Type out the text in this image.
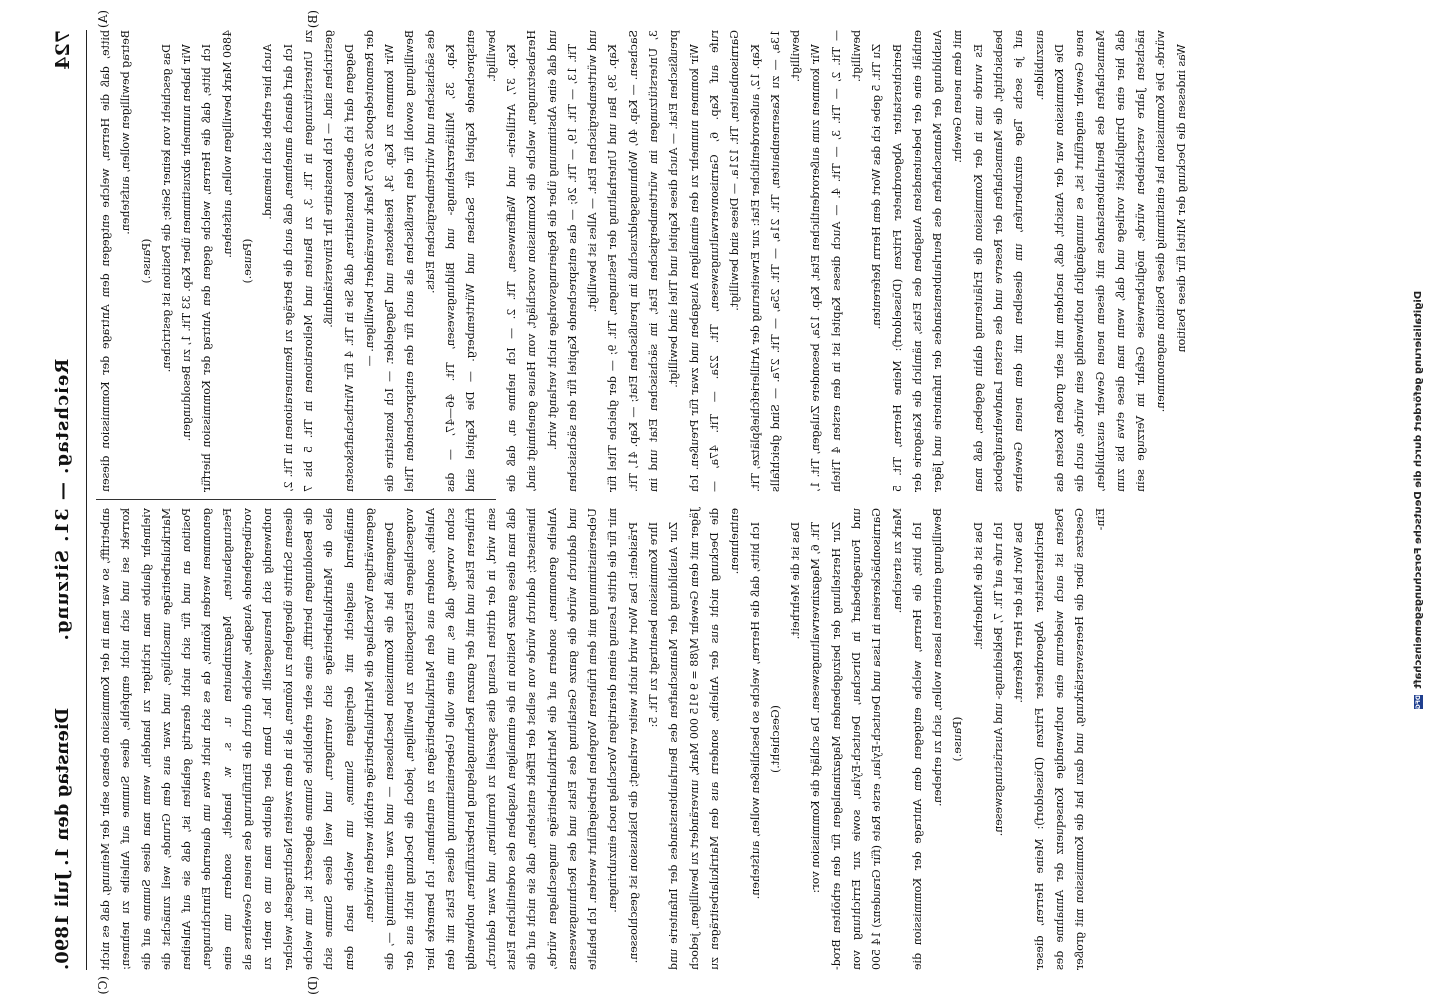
724
Reichstag. — 31. Sitzung.
Dienstag den 1. Juli 1890.
(A)	(B)
(C)	(D)

bitte, daß die Herren, welche entgegen dem Antrage der Kommission diesen Betrag bewilligen wollen, aufstehen.

(Pause.) Das geschieht von keiner Seite; die Position ist gestrichen. Wir haben nunmehr abzustimmen über Kap. 33 Tit. 1, zu Besoldungen. Ich bitte, daß die Herren, welche gegen den Antrag der Kommission hierfür 4860 Mark bewilligen wollen, aufstehen.

(Pause.)

Auch hier erhebt sich niemand. Ich darf danach annehmen, daß auch die Beträge zu Remunerationen in Tit. 2, zu Unterstützungen in Tit. 3, zu Bauten und Meliorationen in Tit. 5 bis 7 gestrichen sind. — Ich konstatire Ihr Einverständniß. Dagegen darf ich ebenso konstatiren, daß Sie in Tit. 4 für Wirthschaftskosten der Remontedepots 26 675 Mark unverändert bewilligen. — Wir kommen zu Kap. 34, Reisekosten und Tagegelder. — Ich konstatire die Bewilligung sowohl für den preußischen als auch für den entsprechenden Titel des sächsischen und württembergischen Etats. Kap. 35, Militärerziehungs- und Bildungswesen, Tit. 46—47, — das entsprechende Kapitel für Sachsen und Württemberg. — Die Kapitel sind bewilligt. Kap. 37, Artillerie- und Waffenwesen, Tit. 2. — Ich nehme an, daß die Herabsetzungen, welche die Kommission vorschlägt, vom Hause genehmigt sind, und daß eine Abstimmung über die Regierungsvorlage nicht verlangt wird. Tit. 13, — Tit. 19, — Tit. 26; — das entsprechende Kapitel für den sächsischen und württembergischen Etat. — Alles ist bewilligt. Kap. 39, Bau und Unterhaltung der Festungen, Tit. 9; — der gleiche Titel für Sachsen. — Kap. 40, Wohnungsgeldzuschuß im preußischen Etat; — Kap. 41, Tit. 3, Unterstützungen im württembergischen Etat, im sächsischen Etat und im preußischen Etat. — Auch diese Kapitel und Titel sind bewilligt. Wir kommen nunmehr zu den einmaligen Ausgaben und zwar für Preußen. Ich rufe auf Kap. 6, Garnisonverwaltungswesen, Tit. 22a. — Tit. 47a, — Garnisonbauten, Tit. 121a. — Diese sind bewilligt. Kap. 12, außerordentlicher Etat: zur Erweiterung der Artilleriefchießplätze, Tit. 13a, — zu Kasernenbauten, Tit. 21a, — Tit. 25a, — Tit. 27a. — Sind gleichfalls bewilligt. Wir kommen zum außerordentlichen Etat, Kap. 12a, besondere Zulagen, Tit. 1, — Tit. 2, — Tit. 3, — Tit. 4. — Auch dieses Kapitel ist in den ersten 4 Titeln bewilligt. Zu Tit. 5 gebe ich das Wort dem Herrn Referenten. Berichterstatter Abgeordneter Fritzen (Düsseldorf): Meine Herren, Tit. 5 enthält eine der bedeutendsten Ausgaben des Etats, nämlich die Katagorie der Ausbildung der Mannschaften des Beurlaubtenstandes der Infanterie und Jäger mit dem neuen Gewehr. Es wurde uns in der Kommission die Erläuterung dahin gegeben, daß man beabsichtigt, die Mannschaften der Reserve und des ersten Landwehraufgebots auf je sechs Tage einzuberufen, um dieselben mit dem neuen Gewehre auszubilden. Die Kommission war der Ansicht, daß, nachdem mit sehr großen Kosten das neue Gewehr eingeführt ist, es unumgänglich nothwendig sein würde, auch die Mannschaften des Beurlaubtenstandes mit diesem neuen Gewehr auszubilden, daß hier eine Dringlichkeit vorliege und daß, wenn man diese etwa bis zum nächsten Jahre verschieben würde, möglicherweise Gefahr im Verzuge sein würde. Die Kommission hat einstimmig diese Position angenommen. Was indessen die Deckung der Mittel für diese Position

anbetrifft, so war man in der Kommission ebenso sehr der Meinung, daß es nicht korrekt sei und sich nicht empfehle, diese Summe auf Anleihe zu nehmen; vielmehr glaubte man richtiger zu handeln, wenn man diese Summe auf die Matrikularbeiträge umschlüge, und zwar aus dem Grunde, weil zunächst die Position an und für sich nicht derartig gehalten ist, daß sie auf Anleihen genommen werden könnte, da es sich nicht etwa um dauernde Einrichtungen, Festungsbauten, Magazinbauten u. s. w. handelt, sondern um eine vorübergehende Ausgabe, welche durch die Einführung des neuen Gewehres als nothwendig sich herausgestellt hat. Dann aber glaubte man um so mehr zu diesem Schritte übergehen zu können, als in dem zweiten Nachtragsetat, welcher die Besoldungen betrifft, eine sehr erhebliche Summe abgesetzt ist, um welche also die Matrikularbeiträge sich verringern, und weil diese Summe sich annähernd ausgleicht mit derjenigen Summe, um welche nach dem gegenwärtigen Vorschlage die Matrikularbeiträge erhöht werden würden. Demgemäß hat die Kommission beschlossen — und zwar einstimmig —, die vorgeschlagene Etatsposition zu bewilligen, jedoch die Deckung nicht aus der Anleihe, sondern aus den Matrikularbeiträgen zu entnehmen. Ich bemerke hier schon vorweg, daß es, um eine volle Uebereinstimmung dieses Etats mit den früheren Etats und mit der ganzen Rechnungslegung herbeizuführen, nothwendig sein wird, in der dritten Lesung dies speziell zu formuliren, und zwar dadurch, daß man diese ganze Position in die einmaligen Ausgaben des ordentlichen Etats hineinsetzt; dadurch würde von selbst der Effekt entstehen, daß sie nicht auf die Anleihe genommen, sondern auf die Matrikularbeiträge umgeschlagen würde, und dadurch würde die ganze Gestaltung des Etats und des Rechnungswesens Uebereinstimmung mit dem früheren Vorgehen herbeigeführt werden. Ich behalte mir für die dritte Lesung einen derartigen Vorschlag noch einzubringen. Präsident: Das Wort wird nicht weiter verlangt; die Diskussion ist geschlossen. Ihre Kommission beantragt zu Tit. 5: Zur Ausbildung der Mannschaften des Beurlaubtenstandes der Infanterie und Jäger mit dem Gewehr M/88 = 9 915 000 Mark, unverändert zu bewilligen, jedoch die Deckung nicht aus der Anleihe, sondern aus den Matrikularbeiträgen zu entnehmen. Ich bitte, daß die Herren, welche so beschließen wollen, aufstehen. (Geschieht.)

Das ist die Mehrheit. Tit. 6, Magazinverwaltungswesen. Da schlägt die Kommission vor: Zur Herstellung der beizugebenden Magazinanlagen für den erhöhten Brod- und Fouragebedarf in Dirschau, Deutsch-Eylau, sowie zur Errichtung von Garnisonbäckereien in Lissa und Deutsch-Eylau, erste Rate (für Graudenz) 14 500 Mark zu streichen. Ich bitte, die Herren, welche entgegen dem Antrage der Kommission die Bewilligung eintreten lassen wollen, sich zu erheben. (Pause.)

Das ist die Minderheit. Ich rufe auf Tit. 7, Bekleidungs- und Ausrüstungswesen. Das Wort hat der Herr Referent. Berichterstatter Abgeordneter Fritzen (Düsseldorf): Meine Herren, dieser Posten ist auch wiederum eine nothwendige Konsequenz der Annahme des Gesetzes über die Heeresverstärkung, und dazu hat die Kommission mit großer Ein-	Digitalisierung gefördert durch die Deutsche Forschungsgemeinschaft DFG
